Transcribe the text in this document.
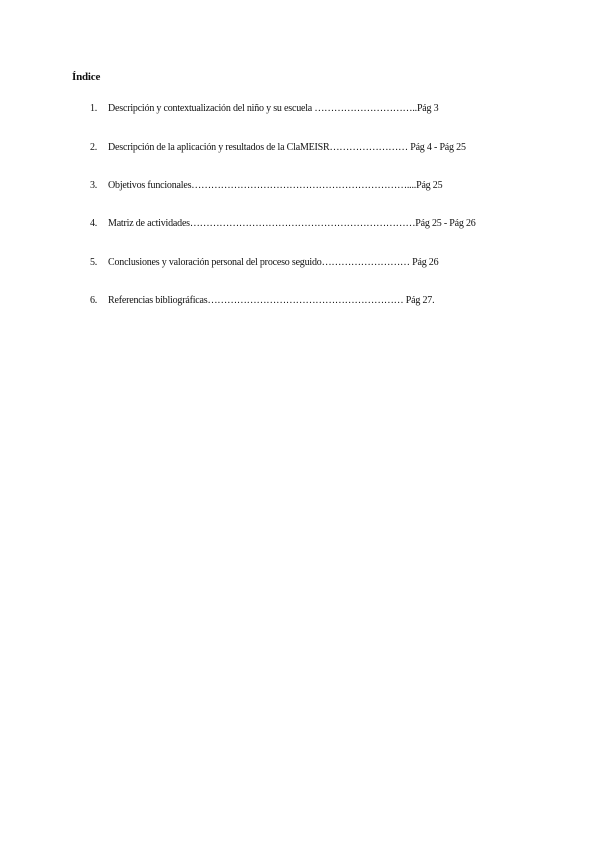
Índice
1.	Descripción y contextualización del niño y su escuela …………………………..Pág 3
2.	Descripción de la aplicación y resultados de la ClaMEISR…………………… Pág 4 - Pág 25
3.	Objetivos funcionales…………………………………………………………....Pág 25
4.	Matriz de actividades……………………………………………………………Pág 25 - Pág 26
5.	Conclusiones y valoración personal del proceso seguido……………………… Pág 26
6.	Referencias bibliográficas…………………………………………………… Pág 27.
